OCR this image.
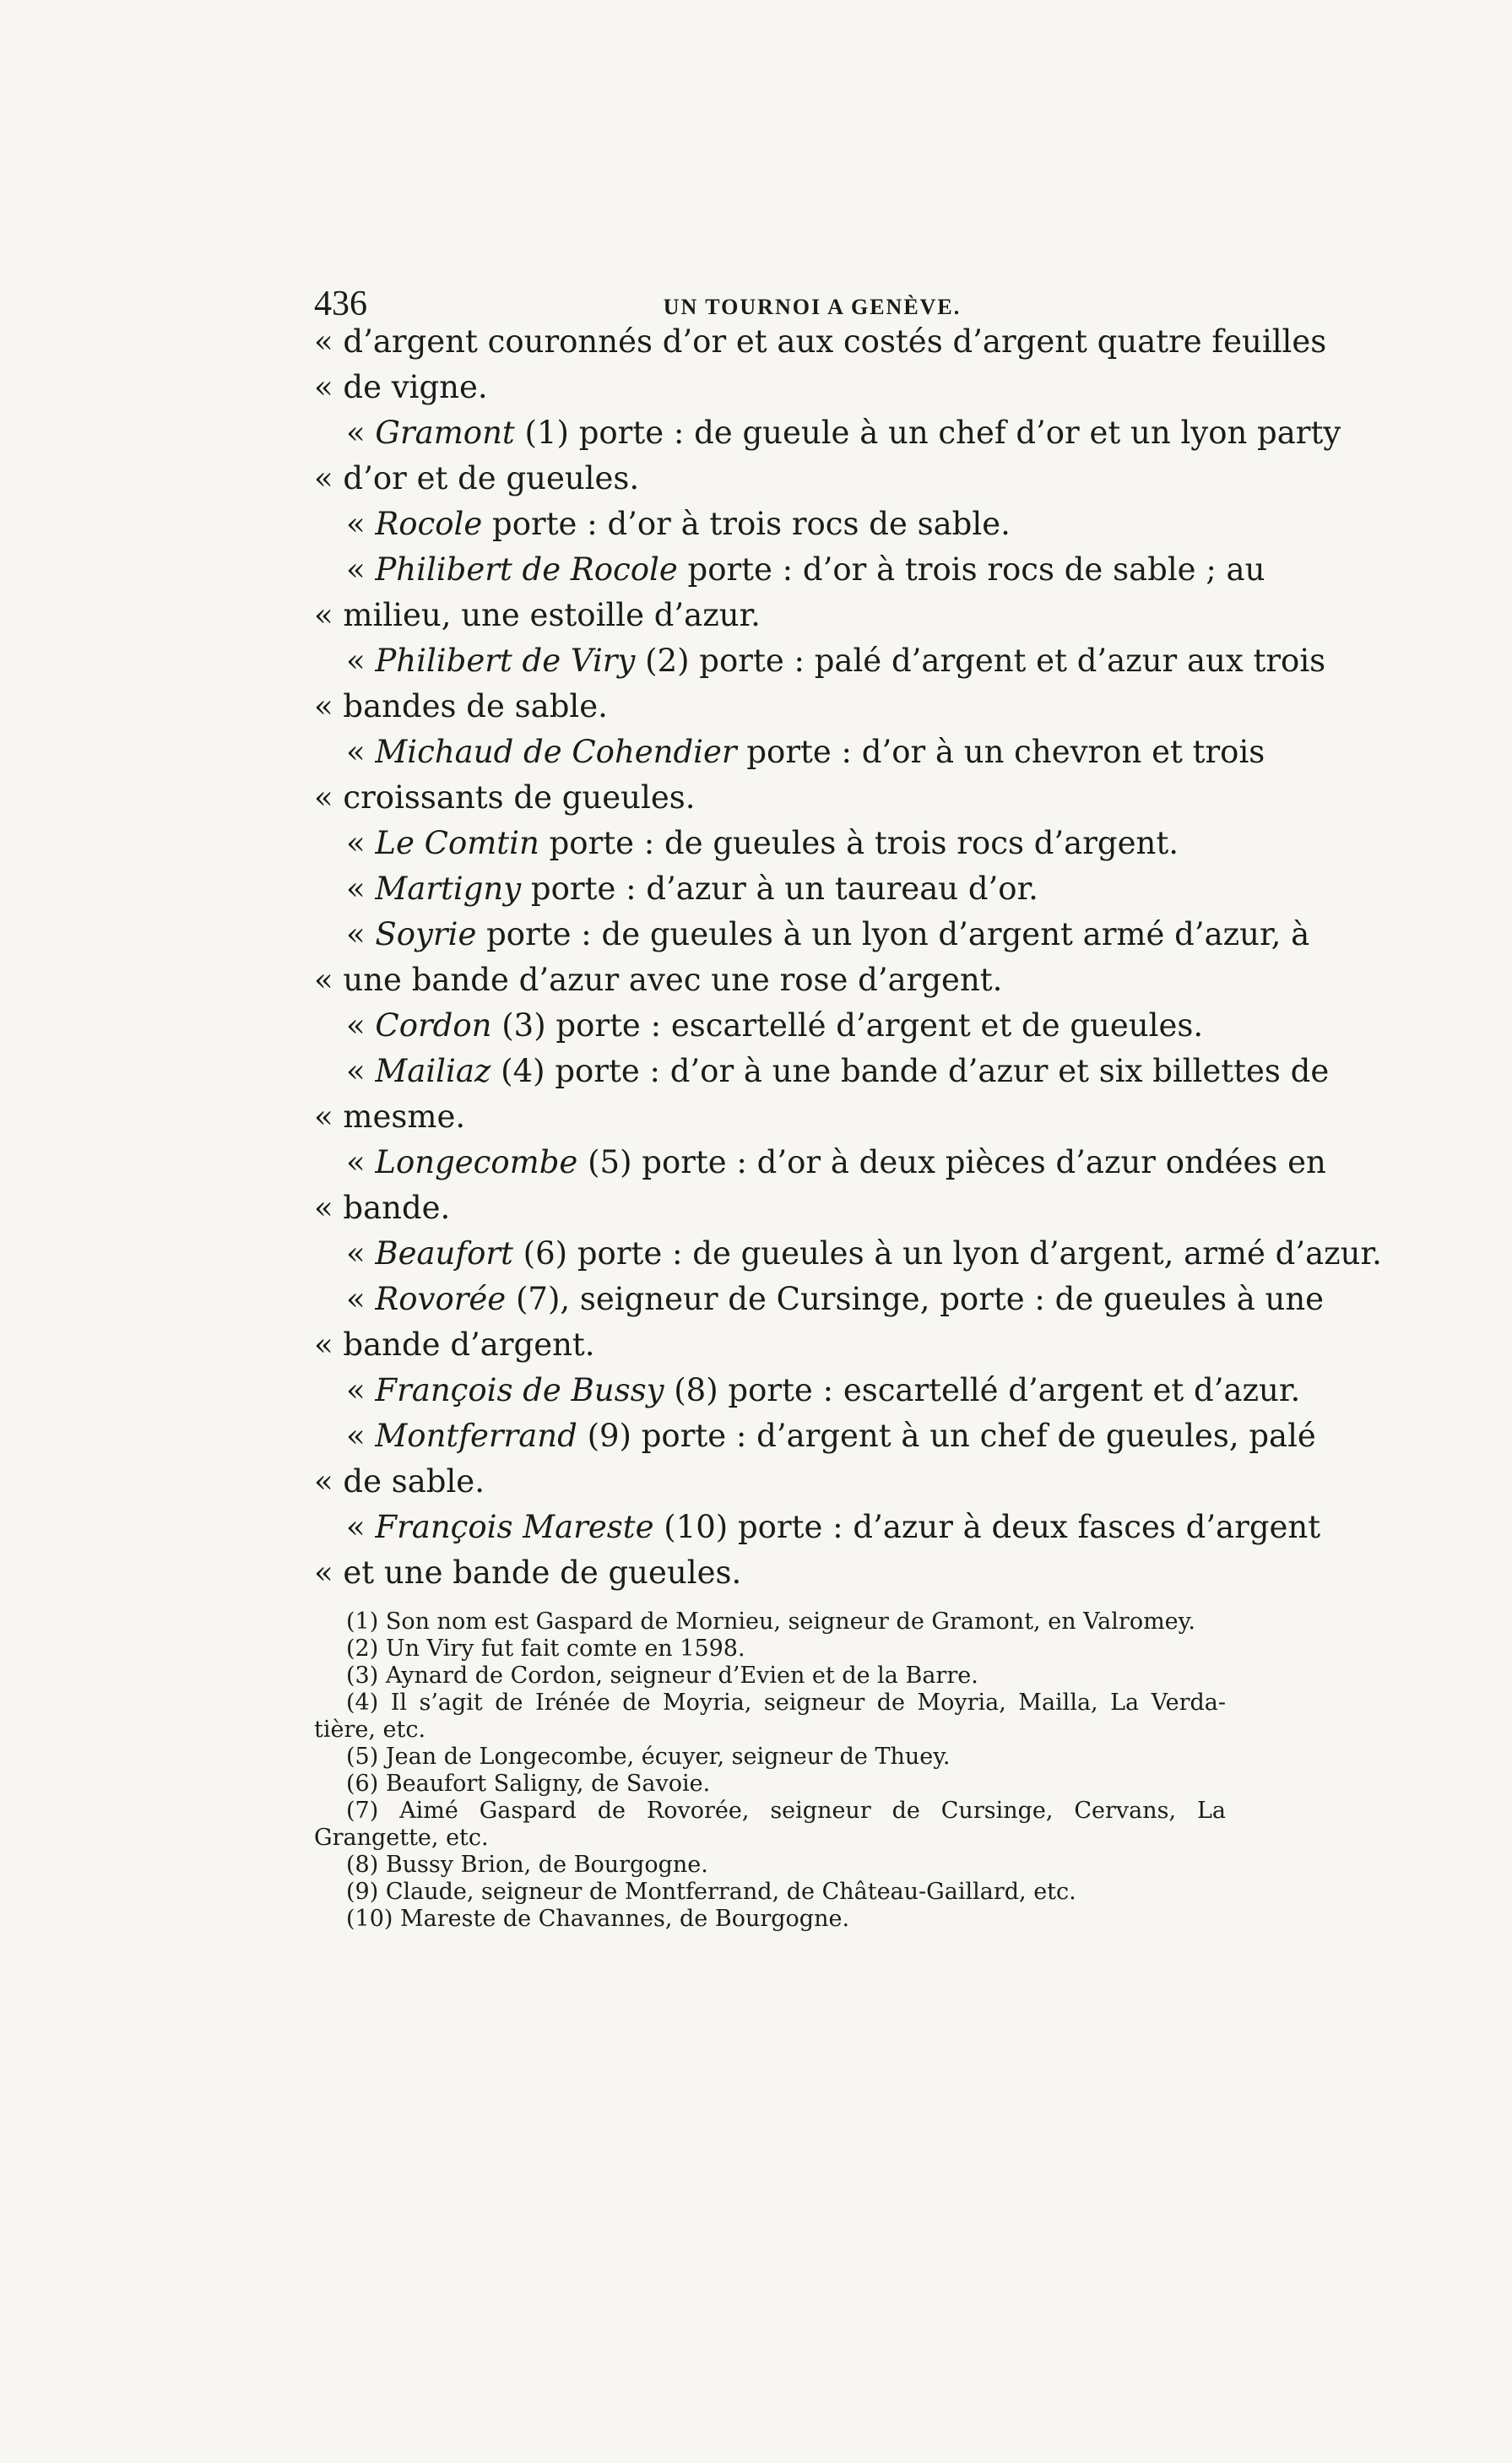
436	UN TOURNOI A GENÈVE.
« d’argent couronnés d’or et aux costés d’argent quatre feuilles
« de vigne.
« Gramont (1) porte : de gueule à un chef d’or et un lyon party
« d’or et de gueules.
« Rocole porte : d’or à trois rocs de sable.
« Philibert de Rocole porte : d’or à trois rocs de sable ; au
« milieu, une estoille d’azur.
« Philibert de Viry (2) porte : palé d’argent et d’azur aux trois
« bandes de sable.
« Michaud de Cohendier porte : d’or à un chevron et trois
« croissants de gueules.
« Le Comtin porte : de gueules à trois rocs d’argent.
« Martigny porte : d’azur à un taureau d’or.
« Soyrie porte : de gueules à un lyon d’argent armé d’azur, à
« une bande d’azur avec une rose d’argent.
« Cordon (3) porte : escartellé d’argent et de gueules.
« Mailiaz (4) porte : d’or à une bande d’azur et six billettes de
« mesme.
« Longecombe (5) porte : d’or à deux pièces d’azur ondées en
« bande.
« Beaufort (6) porte : de gueules à un lyon d’argent, armé d’azur.
« Rovorée (7), seigneur de Cursinge, porte : de gueules à une
« bande d’argent.
« François de Bussy (8) porte : escartellé d’argent et d’azur.
« Montferrand (9) porte : d’argent à un chef de gueules, palé
« de sable.
« François Mareste (10) porte : d’azur à deux fasces d’argent
« et une bande de gueules.
(1) Son nom est Gaspard de Mornieu, seigneur de Gramont, en Valromey.
(2) Un Viry fut fait comte en 1598.
(3) Aynard de Cordon, seigneur d’Evien et de la Barre.
(4) Il s’agit de Irénée de Moyria, seigneur de Moyria, Mailla, La Verda-
tière, etc.
(5) Jean de Longecombe, écuyer, seigneur de Thuey.
(6) Beaufort Saligny, de Savoie.
(7) Aimé Gaspard de Rovorée, seigneur de Cursinge, Cervans, La
Grangette, etc.
(8) Bussy Brion, de Bourgogne.
(9) Claude, seigneur de Montferrand, de Château-Gaillard, etc.
(10) Mareste de Chavannes, de Bourgogne.
